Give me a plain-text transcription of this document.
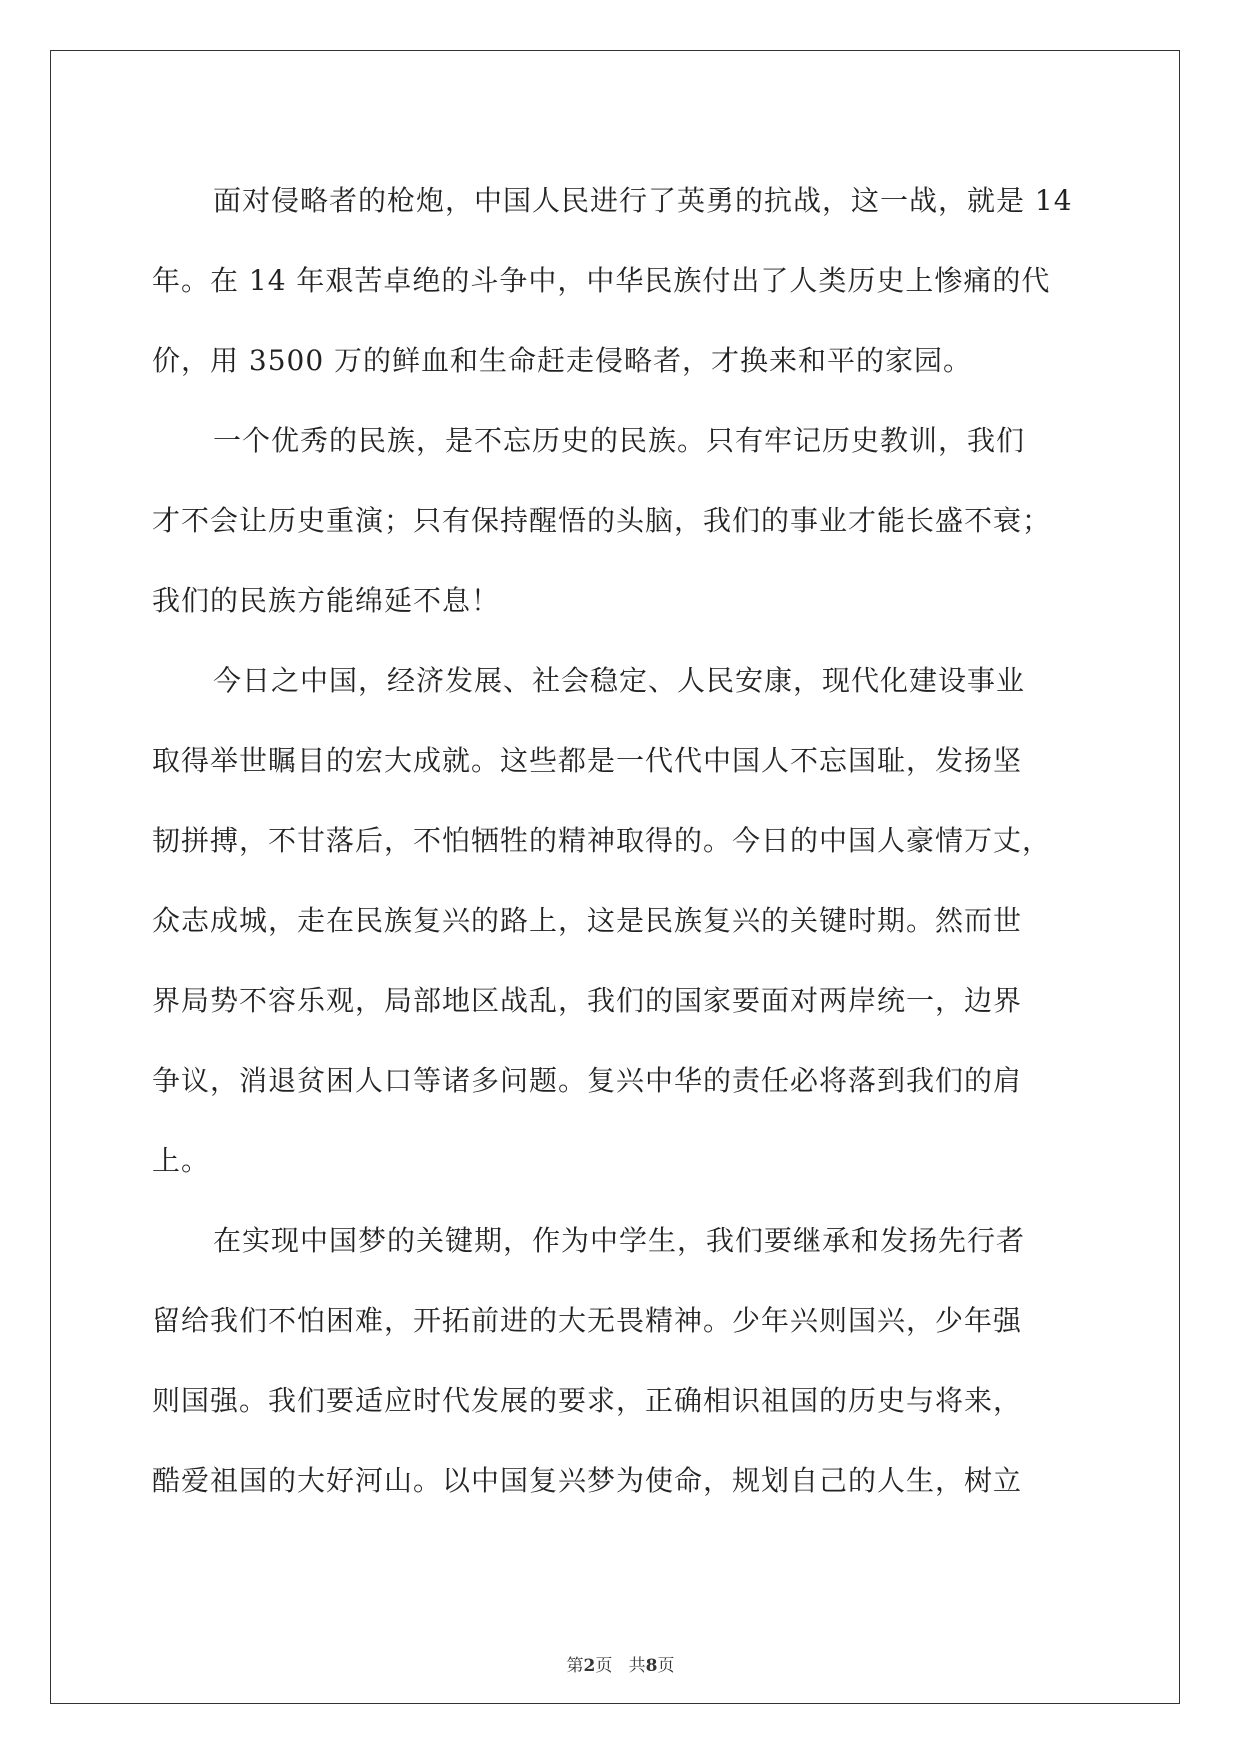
面对侵略者的枪炮，中国人民进行了英勇的抗战，这一战，就是 14
年。在 14 年艰苦卓绝的斗争中，中华民族付出了人类历史上惨痛的代
价，用 3500 万的鲜血和生命赶走侵略者，才换来和平的家园。
一个优秀的民族，是不忘历史的民族。只有牢记历史教训，我们
才不会让历史重演；只有保持醒悟的头脑，我们的事业才能长盛不衰；
我们的民族方能绵延不息！
今日之中国，经济发展、社会稳定、人民安康，现代化建设事业
取得举世瞩目的宏大成就。这些都是一代代中国人不忘国耻，发扬坚
韧拼搏，不甘落后，不怕牺牲的精神取得的。今日的中国人豪情万丈，
众志成城，走在民族复兴的路上，这是民族复兴的关键时期。然而世
界局势不容乐观，局部地区战乱，我们的国家要面对两岸统一，边界
争议，消退贫困人口等诸多问题。复兴中华的责任必将落到我们的肩
上。
在实现中国梦的关键期，作为中学生，我们要继承和发扬先行者
留给我们不怕困难，开拓前进的大无畏精神。少年兴则国兴，少年强
则国强。我们要适应时代发展的要求，正确相识祖国的历史与将来，
酷爱祖国的大好河山。以中国复兴梦为使命，规划自己的人生，树立
第2页 共8页
